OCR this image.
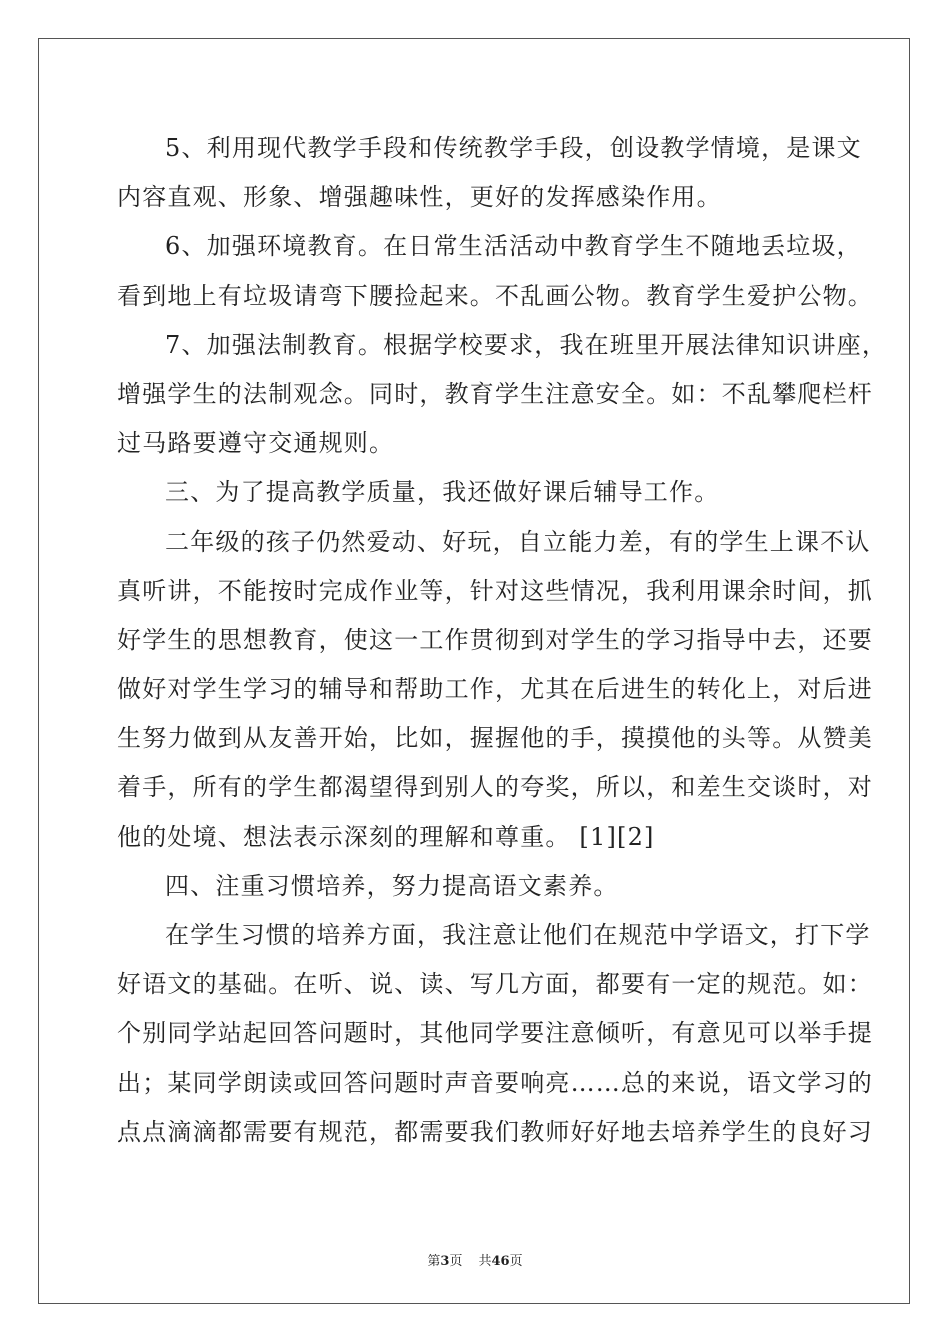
5、利用现代教学手段和传统教学手段，创设教学情境，是课文
内容直观、形象、增强趣味性，更好的发挥感染作用。
6、加强环境教育。在日常生活活动中教育学生不随地丢垃圾，
看到地上有垃圾请弯下腰捡起来。不乱画公物。教育学生爱护公物。
7、加强法制教育。根据学校要求，我在班里开展法律知识讲座，
增强学生的法制观念。同时，教育学生注意安全。如：不乱攀爬栏杆
过马路要遵守交通规则。
三、为了提高教学质量，我还做好课后辅导工作。
二年级的孩子仍然爱动、好玩，自立能力差，有的学生上课不认
真听讲，不能按时完成作业等，针对这些情况，我利用课余时间，抓
好学生的思想教育，使这一工作贯彻到对学生的学习指导中去，还要
做好对学生学习的辅导和帮助工作，尤其在后进生的转化上，对后进
生努力做到从友善开始，比如，握握他的手，摸摸他的头等。从赞美
着手，所有的学生都渴望得到别人的夸奖，所以，和差生交谈时，对
他的处境、想法表示深刻的理解和尊重。 [1][2]
四、注重习惯培养，努力提高语文素养。
在学生习惯的培养方面，我注意让他们在规范中学语文，打下学
好语文的基础。在听、说、读、写几方面，都要有一定的规范。如：
个别同学站起回答问题时，其他同学要注意倾听，有意见可以举手提
出；某同学朗读或回答问题时声音要响亮……总的来说，语文学习的
点点滴滴都需要有规范，都需要我们教师好好地去培养学生的良好习
第3页 共46页
